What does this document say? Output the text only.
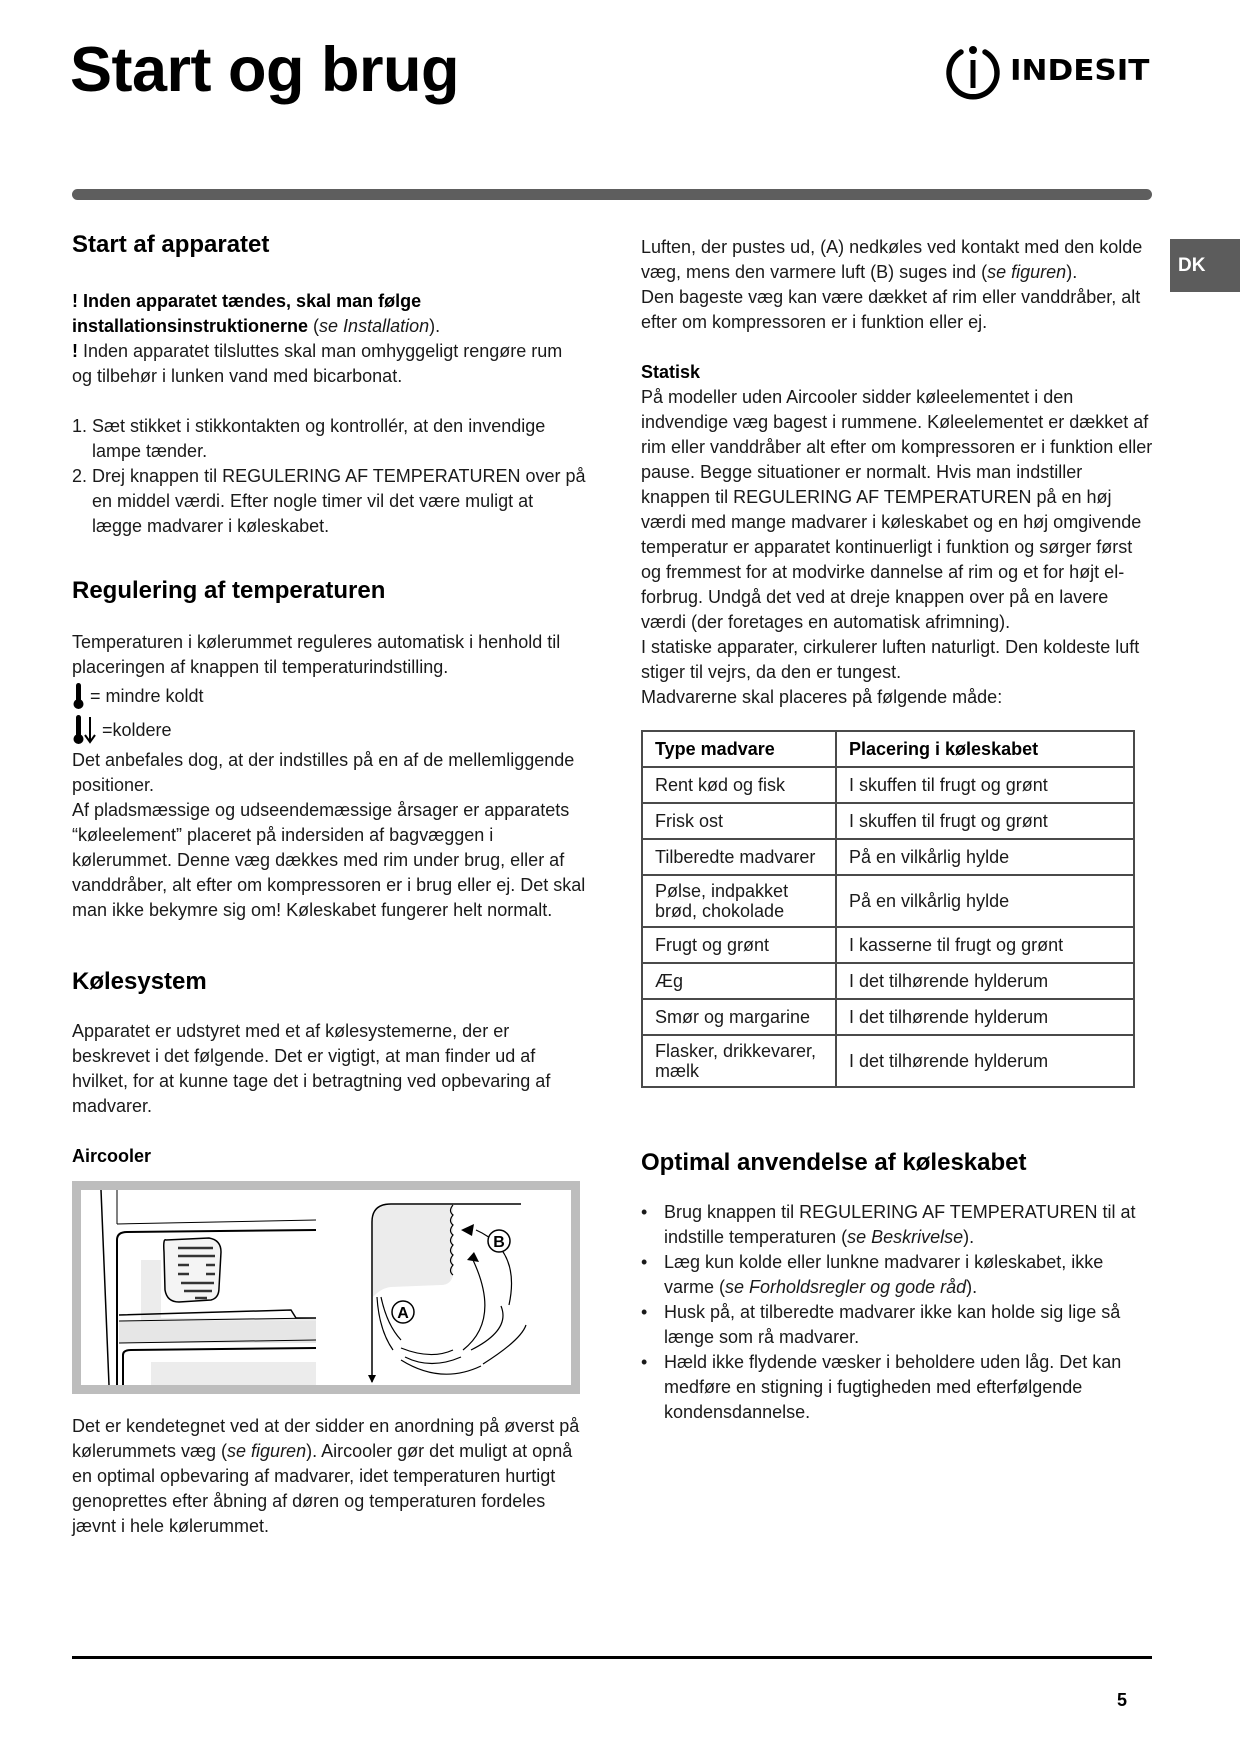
Start og brug	INDESIT
DK
Start af apparatet

! Inden apparatet tændes, skal man følge installationsinstruktionerne (se Installation).

! Inden apparatet tilsluttes skal man omhyggeligt rengøre rum og tilbehør i lunken vand med bicarbonat.

1. Sæt stikket i stikkontakten og kontrollér, at den invendige lampe tænder.
2. Drej knappen til REGULERING AF TEMPERATUREN over på en middel værdi. Efter nogle timer vil det være muligt at lægge madvarer i køleskabet.
Regulering af temperaturen

Temperaturen i kølerummet reguleres automatisk i henhold til placeringen af knappen til temperaturindstilling.

= mindre koldt
=koldere

Det anbefales dog, at der indstilles på en af de mellemliggende positioner.

Af pladsmæssige og udseendemæssige årsager er apparatets “køleelement” placeret på indersiden af bagvæggen i kølerummet. Denne væg dækkes med rim under brug, eller af vanddråber, alt efter om kompressoren er i brug eller ej. Det skal man ikke bekymre sig om! Køleskabet fungerer helt normalt.

Kølesystem

Apparatet er udstyret med et af kølesystemerne, der er beskrevet i det følgende. Det er vigtigt, at man finder ud af hvilket, for at kunne tage det i betragtning ved opbevaring af madvarer.

Aircooler
B
A

Det er kendetegnet ved at der sidder en anordning på øverst på kølerummets væg (se figuren). Aircooler gør det muligt at opnå en optimal opbevaring af madvarer, idet temperaturen hurtigt genoprettes efter åbning af døren og temperaturen fordeles jævnt i hele kølerummet.

Luften, der pustes ud, (A) nedkøles ved kontakt med den kolde væg, mens den varmere luft (B) suges ind (se figuren).

Den bageste væg kan være dækket af rim eller vanddråber, alt efter om kompressoren er i funktion eller ej.

Statisk

På modeller uden Aircooler sidder køleelementet i den indvendige væg bagest i rummene. Køleelementet er dækket af rim eller vanddråber alt efter om kompressoren er i funktion eller pause. Begge situationer er normalt. Hvis man indstiller knappen til REGULERING AF TEMPERATUREN på en høj værdi med mange madvarer i køleskabet og en høj omgivende temperatur er apparatet kontinuerligt i funktion og sørger først og fremmest for at modvirke dannelse af rim og et for højt el-forbrug. Undgå det ved at dreje knappen over på en lavere værdi (der foretages en automatisk afrimning).

I statiske apparater, cirkulerer luften naturligt. Den koldeste luft stiger til vejrs, da den er tungest.

Madvarerne skal placeres på følgende måde:

Type madvare	Placering i køleskabet
Rent kød og fisk	I skuffen til frugt og grønt
Frisk ost	I skuffen til frugt og grønt
Tilberedte madvarer	På en vilkårlig hylde
Pølse, indpakket brød, chokolade	På en vilkårlig hylde
Frugt og grønt	I kasserne til frugt og grønt
Æg	I det tilhørende hylderum
Smør og margarine	I det tilhørende hylderum
Flasker, drikkevarer, mælk	I det tilhørende hylderum
Optimal anvendelse af køleskabet
• Brug knappen til REGULERING AF TEMPERATUREN til at indstille temperaturen (se Beskrivelse).
• Læg kun kolde eller lunkne madvarer i køleskabet, ikke varme (se Forholdsregler og gode råd).
• Husk på, at tilberedte madvarer ikke kan holde sig lige så længe som rå madvarer.
• Hæld ikke flydende væsker i beholdere uden låg. Det kan medføre en stigning i fugtigheden med efterfølgende kondensdannelse.
5
